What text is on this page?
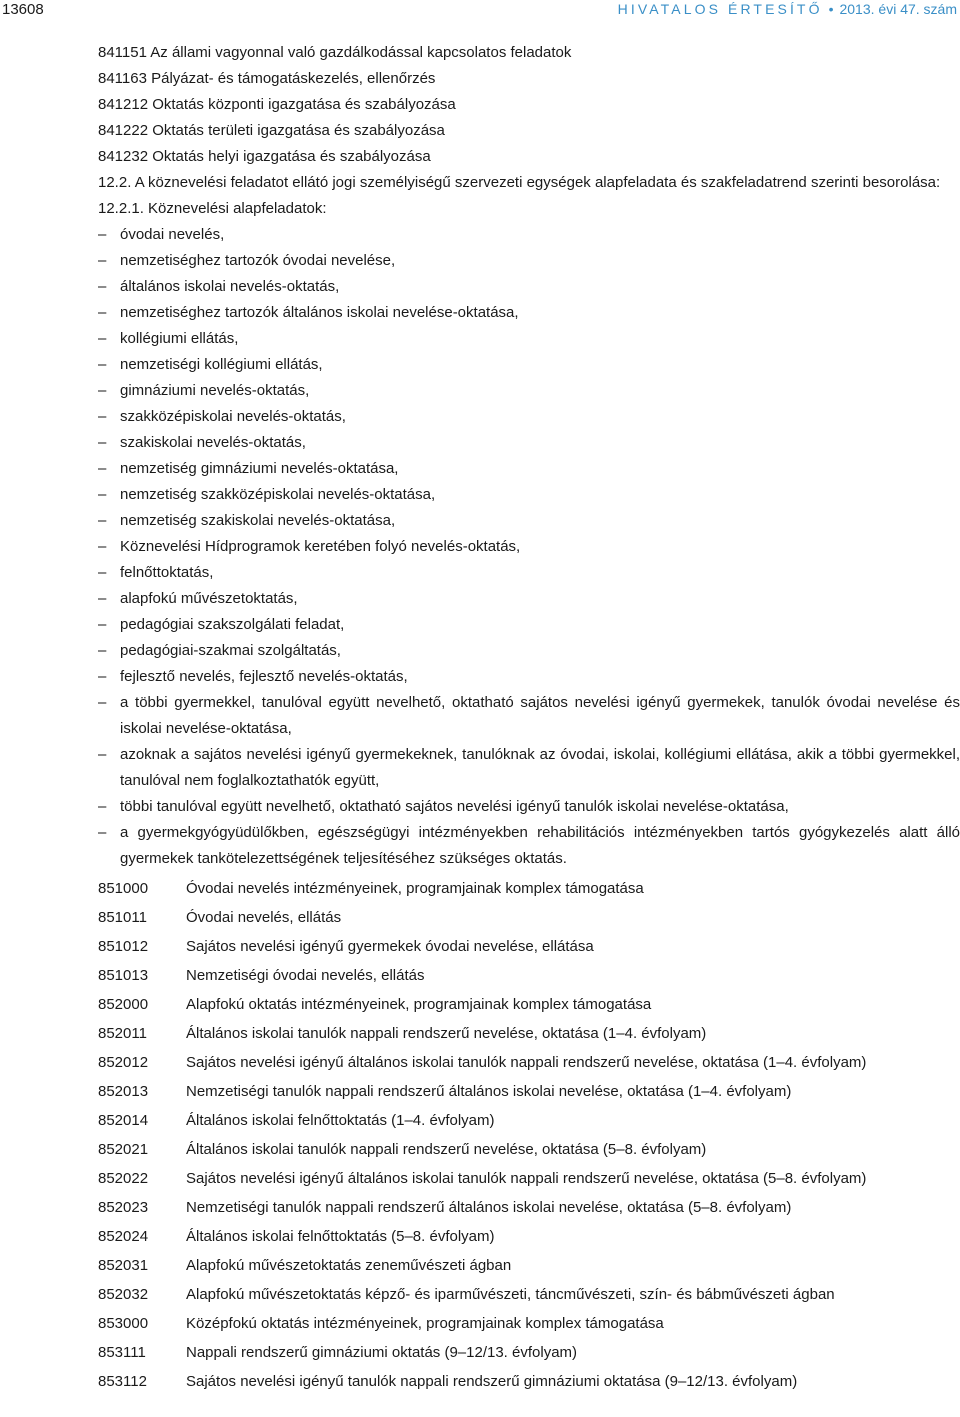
13608	HIVATALOS ÉRTESÍTŐ • 2013. évi 47. szám
841151 Az állami vagyonnal való gazdálkodással kapcsolatos feladatok
841163 Pályázat- és támogatáskezelés, ellenőrzés
841212 Oktatás központi igazgatása és szabályozása
841222 Oktatás területi igazgatása és szabályozása
841232 Oktatás helyi igazgatása és szabályozása
12.2. A köznevelési feladatot ellátó jogi személyiségű szervezeti egységek alapfeladata és szakfeladatrend szerinti besorolása:
12.2.1. Köznevelési alapfeladatok:
– óvodai nevelés,
– nemzetiséghez tartozók óvodai nevelése,
– általános iskolai nevelés-oktatás,
– nemzetiséghez tartozók általános iskolai nevelése-oktatása,
– kollégiumi ellátás,
– nemzetiségi kollégiumi ellátás,
– gimnáziumi nevelés-oktatás,
– szakközépiskolai nevelés-oktatás,
– szakiskolai nevelés-oktatás,
– nemzetiség gimnáziumi nevelés-oktatása,
– nemzetiség szakközépiskolai nevelés-oktatása,
– nemzetiség szakiskolai nevelés-oktatása,
– Köznevelési Hídprogramok keretében folyó nevelés-oktatás,
– felnőttoktatás,
– alapfokú művészetoktatás,
– pedagógiai szakszolgálati feladat,
– pedagógiai-szakmai szolgáltatás,
– fejlesztő nevelés, fejlesztő nevelés-oktatás,
– a többi gyermekkel, tanulóval együtt nevelhető, oktatható sajátos nevelési igényű gyermekek, tanulók óvodai nevelése és iskolai nevelése-oktatása,
– azoknak a sajátos nevelési igényű gyermekeknek, tanulóknak az óvodai, iskolai, kollégiumi ellátása, akik a többi gyermekkel, tanulóval nem foglalkoztathatók együtt,
– többi tanulóval együtt nevelhető, oktatható sajátos nevelési igényű tanulók iskolai nevelése-oktatása,
– a gyermekgyógyüdülőkben, egészségügyi intézményekben rehabilitációs intézményekben tartós gyógykezelés alatt álló gyermekek tankötelezettségének teljesítéséhez szükséges oktatás.
851000	Óvodai nevelés intézményeinek, programjainak komplex támogatása
851011	Óvodai nevelés, ellátás
851012	Sajátos nevelési igényű gyermekek óvodai nevelése, ellátása
851013	Nemzetiségi óvodai nevelés, ellátás
852000	Alapfokú oktatás intézményeinek, programjainak komplex támogatása
852011	Általános iskolai tanulók nappali rendszerű nevelése, oktatása (1–4. évfolyam)
852012	Sajátos nevelési igényű általános iskolai tanulók nappali rendszerű nevelése, oktatása (1–4. évfolyam)
852013	Nemzetiségi tanulók nappali rendszerű általános iskolai nevelése, oktatása (1–4. évfolyam)
852014	Általános iskolai felnőttoktatás (1–4. évfolyam)
852021	Általános iskolai tanulók nappali rendszerű nevelése, oktatása (5–8. évfolyam)
852022	Sajátos nevelési igényű általános iskolai tanulók nappali rendszerű nevelése, oktatása (5–8. évfolyam)
852023	Nemzetiségi tanulók nappali rendszerű általános iskolai nevelése, oktatása (5–8. évfolyam)
852024	Általános iskolai felnőttoktatás (5–8. évfolyam)
852031	Alapfokú művészetoktatás zeneművészeti ágban
852032	Alapfokú művészetoktatás képző- és iparművészeti, táncművészeti, szín- és bábművészeti ágban
853000	Középfokú oktatás intézményeinek, programjainak komplex támogatása
853111	Nappali rendszerű gimnáziumi oktatás (9–12/13. évfolyam)
853112	Sajátos nevelési igényű tanulók nappali rendszerű gimnáziumi oktatása (9–12/13. évfolyam)
